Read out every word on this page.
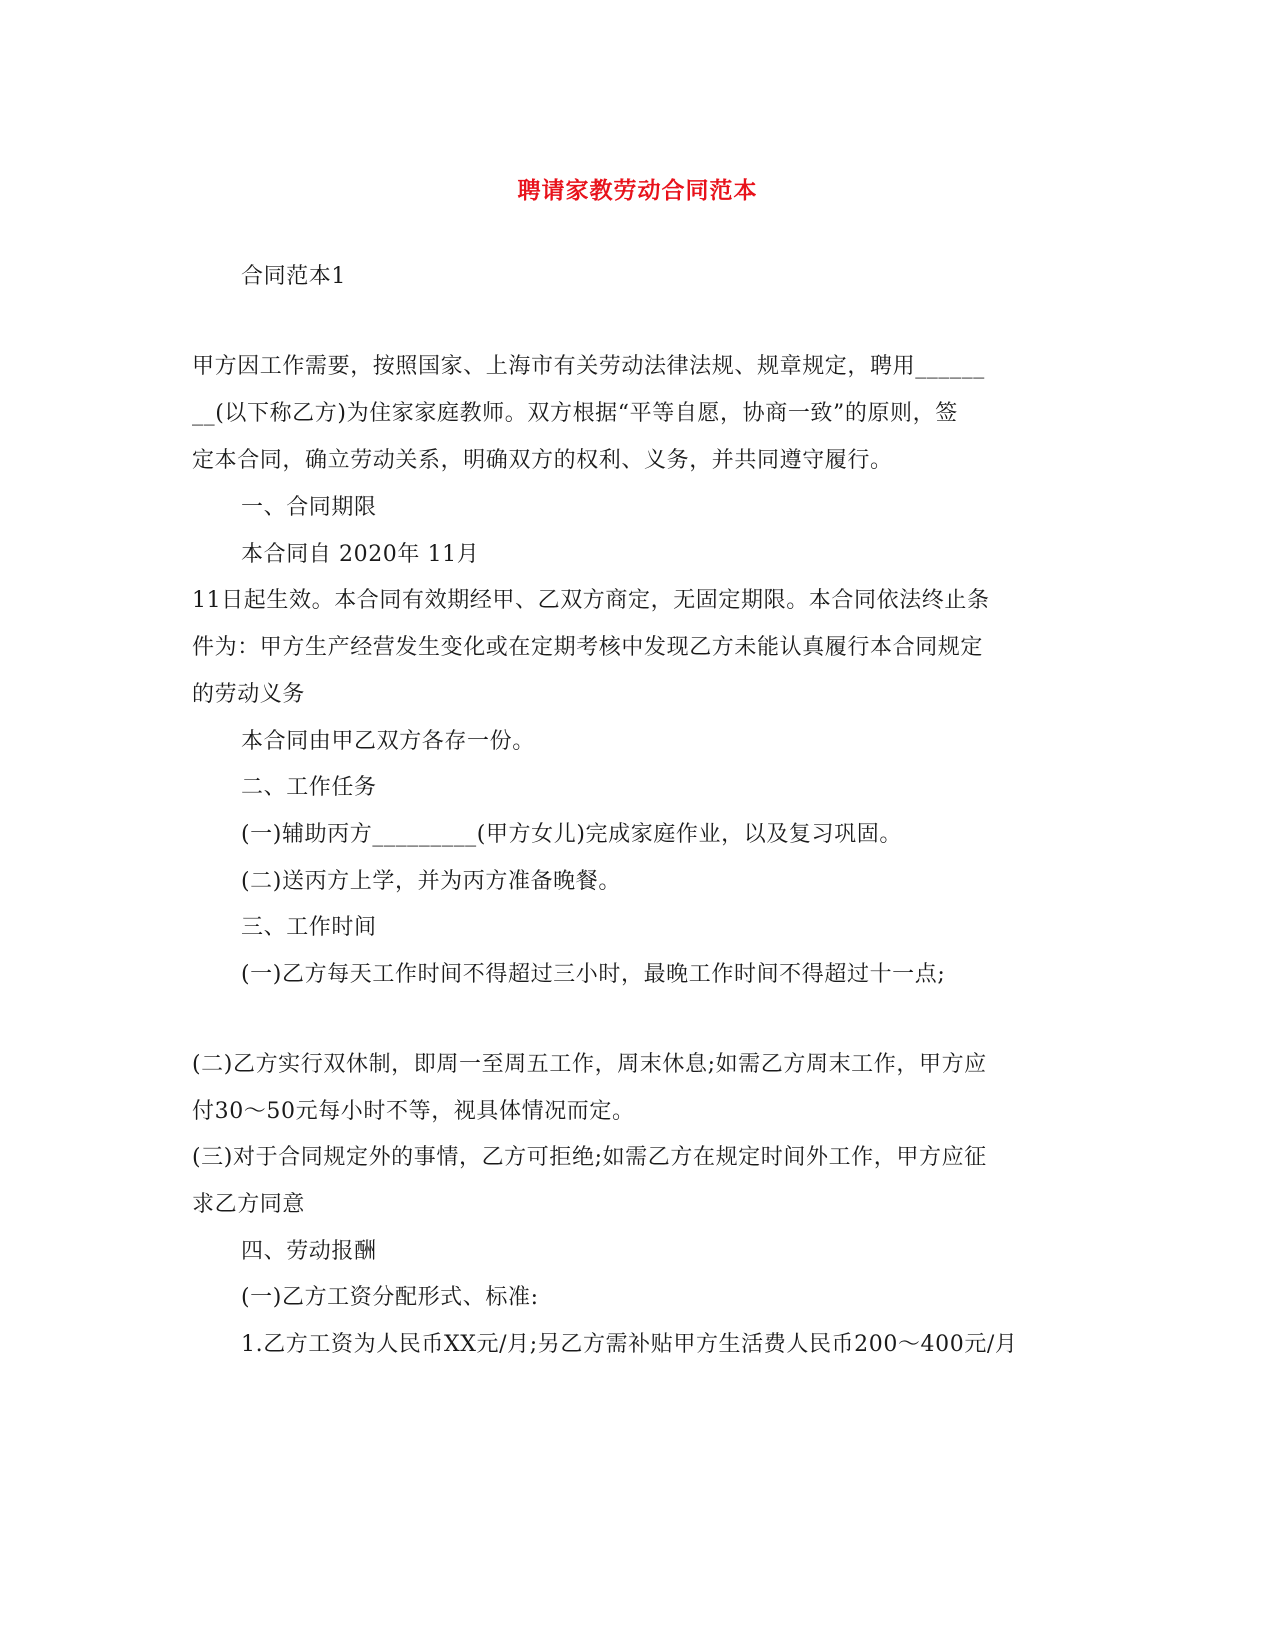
聘请家教劳动合同范本
合同范本1
甲方因工作需要，按照国家、上海市有关劳动法律法规、规章规定，聘用______
__(以下称乙方)为住家家庭教师。双方根据“平等自愿，协商一致”的原则，签
定本合同，确立劳动关系，明确双方的权利、义务，并共同遵守履行。
一、合同期限
本合同自 2020年 11月
11日起生效。本合同有效期经甲、乙双方商定，无固定期限。本合同依法终止条
件为：甲方生产经营发生变化或在定期考核中发现乙方未能认真履行本合同规定
的劳动义务
本合同由甲乙双方各存一份。
二、工作任务
(一)辅助丙方_________(甲方女儿)完成家庭作业，以及复习巩固。
(二)送丙方上学，并为丙方准备晚餐。
三、工作时间
(一)乙方每天工作时间不得超过三小时，最晚工作时间不得超过十一点;
(二)乙方实行双休制，即周一至周五工作，周末休息;如需乙方周末工作，甲方应
付30～50元每小时不等，视具体情况而定。
(三)对于合同规定外的事情，乙方可拒绝;如需乙方在规定时间外工作，甲方应征
求乙方同意
四、劳动报酬
(一)乙方工资分配形式、标准:
1.乙方工资为人民币XX元/月;另乙方需补贴甲方生活费人民币200～400元/月
